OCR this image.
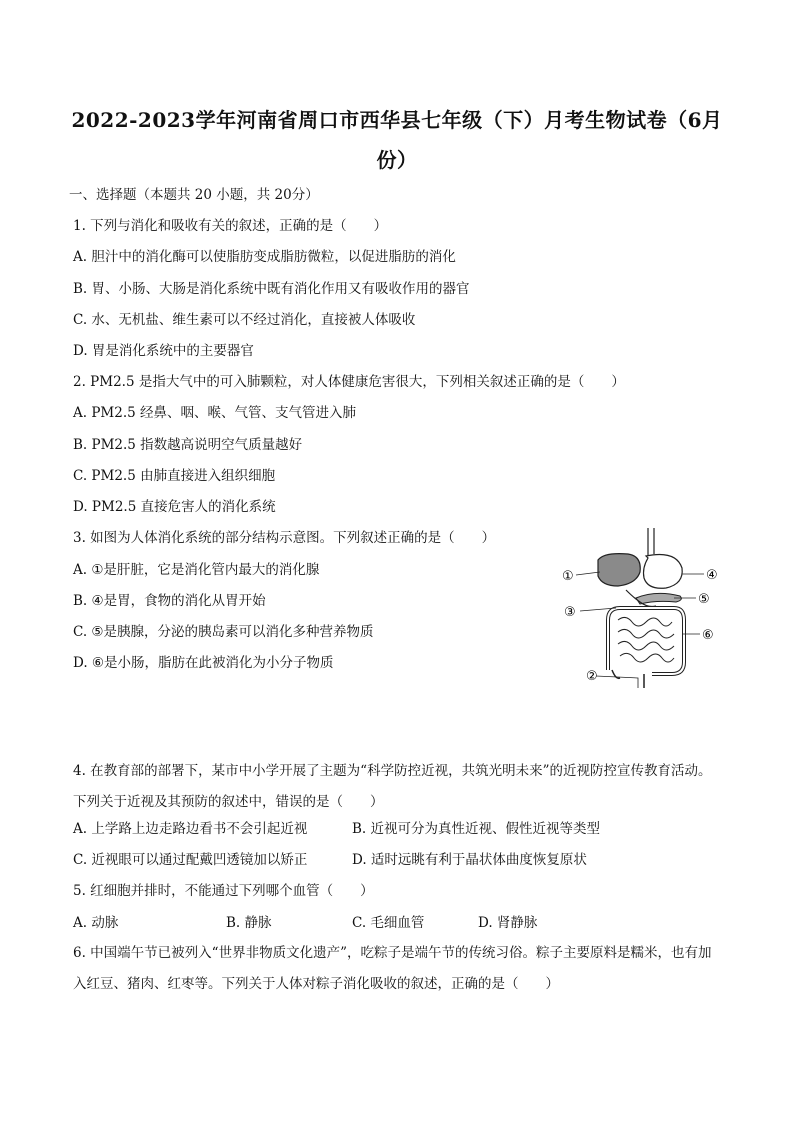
2022-2023学年河南省周口市西华县七年级（下）月考生物试卷（6月份）
一、选择题（本题共 20 小题，共 20分）
1. 下列与消化和吸收有关的叙述，正确的是（　　）
A. 胆汁中的消化酶可以使脂肪变成脂肪微粒，以促进脂肪的消化
B. 胃、小肠、大肠是消化系统中既有消化作用又有吸收作用的器官
C. 水、无机盐、维生素可以不经过消化，直接被人体吸收
D. 胃是消化系统中的主要器官
2. PM2.5 是指大气中的可入肺颗粒，对人体健康危害很大，下列相关叙述正确的是（　　）
A. PM2.5 经鼻、咽、喉、气管、支气管进入肺
B. PM2.5 指数越高说明空气质量越好
C. PM2.5 由肺直接进入组织细胞
D. PM2.5 直接危害人的消化系统
3. 如图为人体消化系统的部分结构示意图。下列叙述正确的是（　　）
A. ①是肝脏，它是消化管内最大的消化腺
B. ④是胃，食物的消化从胃开始
C. ⑤是胰腺，分泌的胰岛素可以消化多种营养物质
D. ⑥是小肠，脂肪在此被消化为小分子物质
①
②
③
④
⑤
⑥
4. 在教育部的部署下，某市中小学开展了主题为“科学防控近视，共筑光明未来”的近视防控宣传教育活动。下列关于近视及其预防的叙述中，错误的是（　　）
A. 上学路上边走路边看书不会引起近视	B. 近视可分为真性近视、假性近视等类型
C. 近视眼可以通过配戴凹透镜加以矫正	D. 适时远眺有利于晶状体曲度恢复原状
5. 红细胞并排时，不能通过下列哪个血管（　　）
A. 动脉	B. 静脉	C. 毛细血管	D. 肾静脉
6. 中国端午节已被列入“世界非物质文化遗产”，吃粽子是端午节的传统习俗。粽子主要原料是糯米，也有加入红豆、猪肉、红枣等。下列关于人体对粽子消化吸收的叙述，正确的是（　　）
